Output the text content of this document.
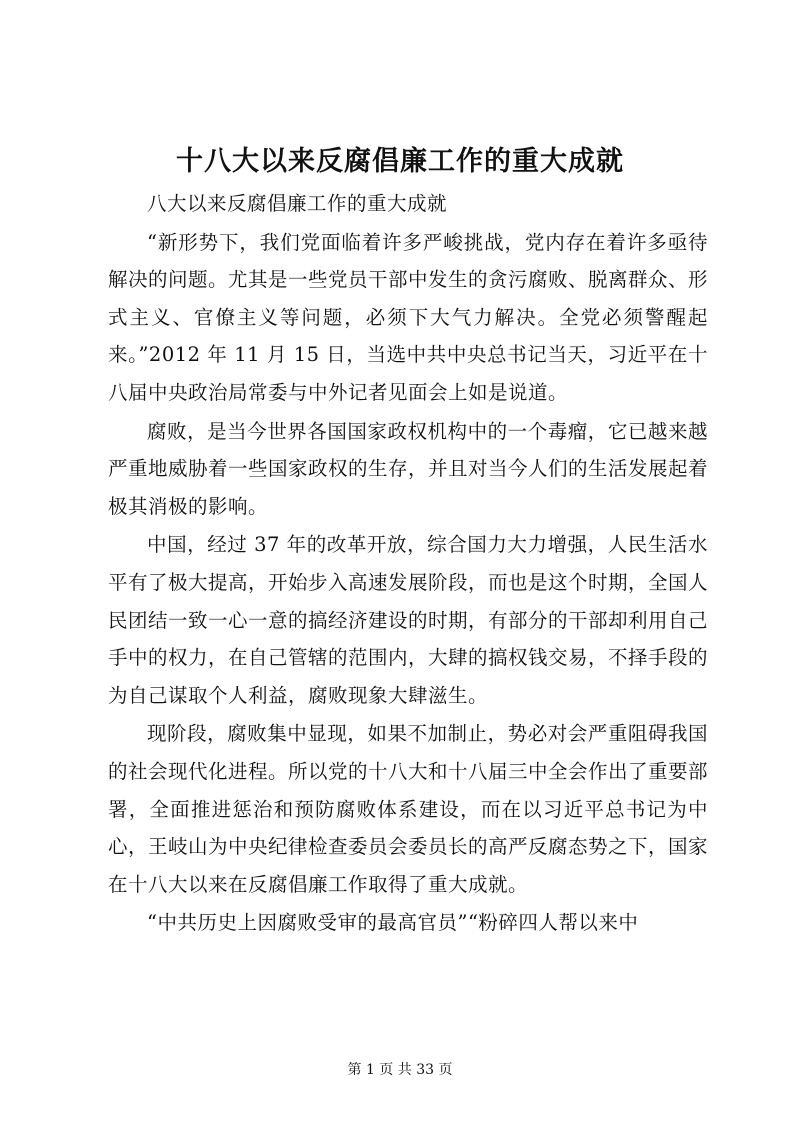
十八大以来反腐倡廉工作的重大成就

八大以来反腐倡廉工作的重大成就

“新形势下，我们党面临着许多严峻挑战，党内存在着许多亟待解决的问题。尤其是一些党员干部中发生的贪污腐败、脱离群众、形式主义、官僚主义等问题，必须下大气力解决。全党必须警醒起来。”2012 年 11 月 15 日，当选中共中央总书记当天，习近平在十八届中央政治局常委与中外记者见面会上如是说道。

腐败，是当今世界各国国家政权机构中的一个毒瘤，它已越来越严重地威胁着一些国家政权的生存，并且对当今人们的生活发展起着极其消极的影响。

中国，经过 37 年的改革开放，综合国力大力增强，人民生活水平有了极大提高，开始步入高速发展阶段，而也是这个时期，全国人民团结一致一心一意的搞经济建设的时期，有部分的干部却利用自己手中的权力，在自己管辖的范围内，大肆的搞权钱交易，不择手段的为自己谋取个人利益，腐败现象大肆滋生。

现阶段，腐败集中显现，如果不加制止，势必对会严重阻碍我国的社会现代化进程。所以党的十八大和十八届三中全会作出了重要部署，全面推进惩治和预防腐败体系建设，而在以习近平总书记为中心，王岐山为中央纪律检查委员会委员长的高严反腐态势之下，国家在十八大以来在反腐倡廉工作取得了重大成就。

“中共历史上因腐败受审的最高官员”“粉碎四人帮以来中

第 1 页 共 33 页
